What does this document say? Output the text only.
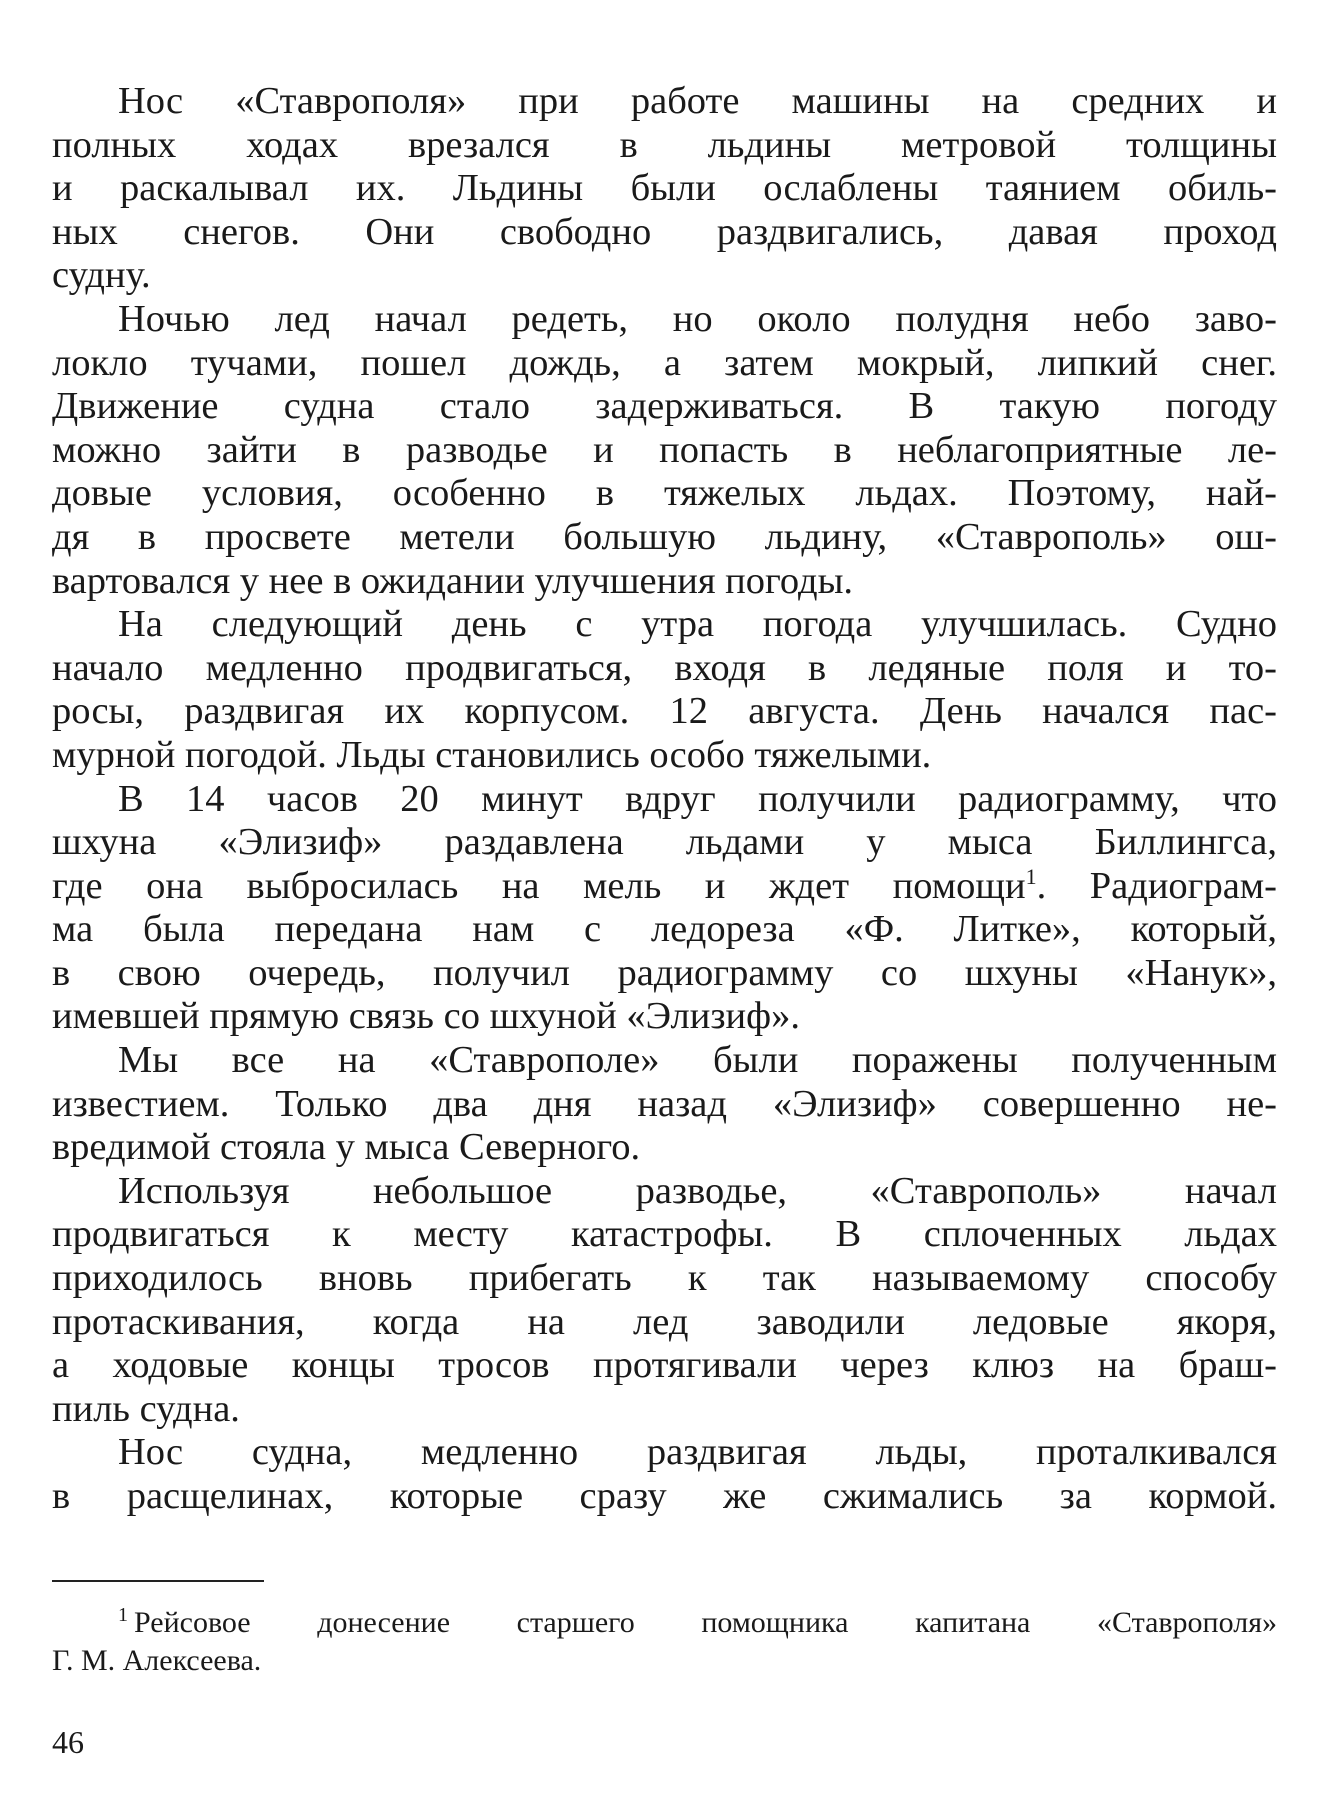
Нос «Ставрополя» при работе машины на средних и
полных ходах врезался в льдины метровой толщины
и раскалывал их. Льдины были ослаблены таянием обиль-
ных снегов. Они свободно раздвигались, давая проход
судну.
Ночью лед начал редеть, но около полудня небо заво-
локло тучами, пошел дождь, а затем мокрый, липкий снег.
Движение судна стало задерживаться. В такую погоду
можно зайти в разводье и попасть в неблагоприятные ле-
довые условия, особенно в тяжелых льдах. Поэтому, най-
дя в просвете метели большую льдину, «Ставрополь» ош-
вартовался у нее в ожидании улучшения погоды.
На следующий день с утра погода улучшилась. Судно
начало медленно продвигаться, входя в ледяные поля и то-
росы, раздвигая их корпусом. 12 августа. День начался пас-
мурной погодой. Льды становились особо тяжелыми.
В 14 часов 20 минут вдруг получили радиограмму, что
шхуна «Элизиф» раздавлена льдами у мыса Биллингса,
где она выбросилась на мель и ждет помощи$^1$. Радиограм-
ма была передана нам с ледореза «Ф. Литке», который,
в свою очередь, получил радиограмму со шхуны «Нанук»,
имевшей прямую связь со шхуной «Элизиф».
Мы все на «Ставрополе» были поражены полученным
известием. Только два дня назад «Элизиф» совершенно не-
вредимой стояла у мыса Северного.
Используя небольшое разводье, «Ставрополь» начал
продвигаться к месту катастрофы. В сплоченных льдах
приходилось вновь прибегать к так называемому способу
протаскивания, когда на лед заводили ледовые якоря,
а ходовые концы тросов протягивали через клюз на браш-
пиль судна.
Нос судна, медленно раздвигая льды, проталкивался
в расщелинах, которые сразу же сжимались за кормой.
$^1$ Рейсовое донесение старшего помощника капитана «Ставрополя»
Г. М. Алексеева.
46
